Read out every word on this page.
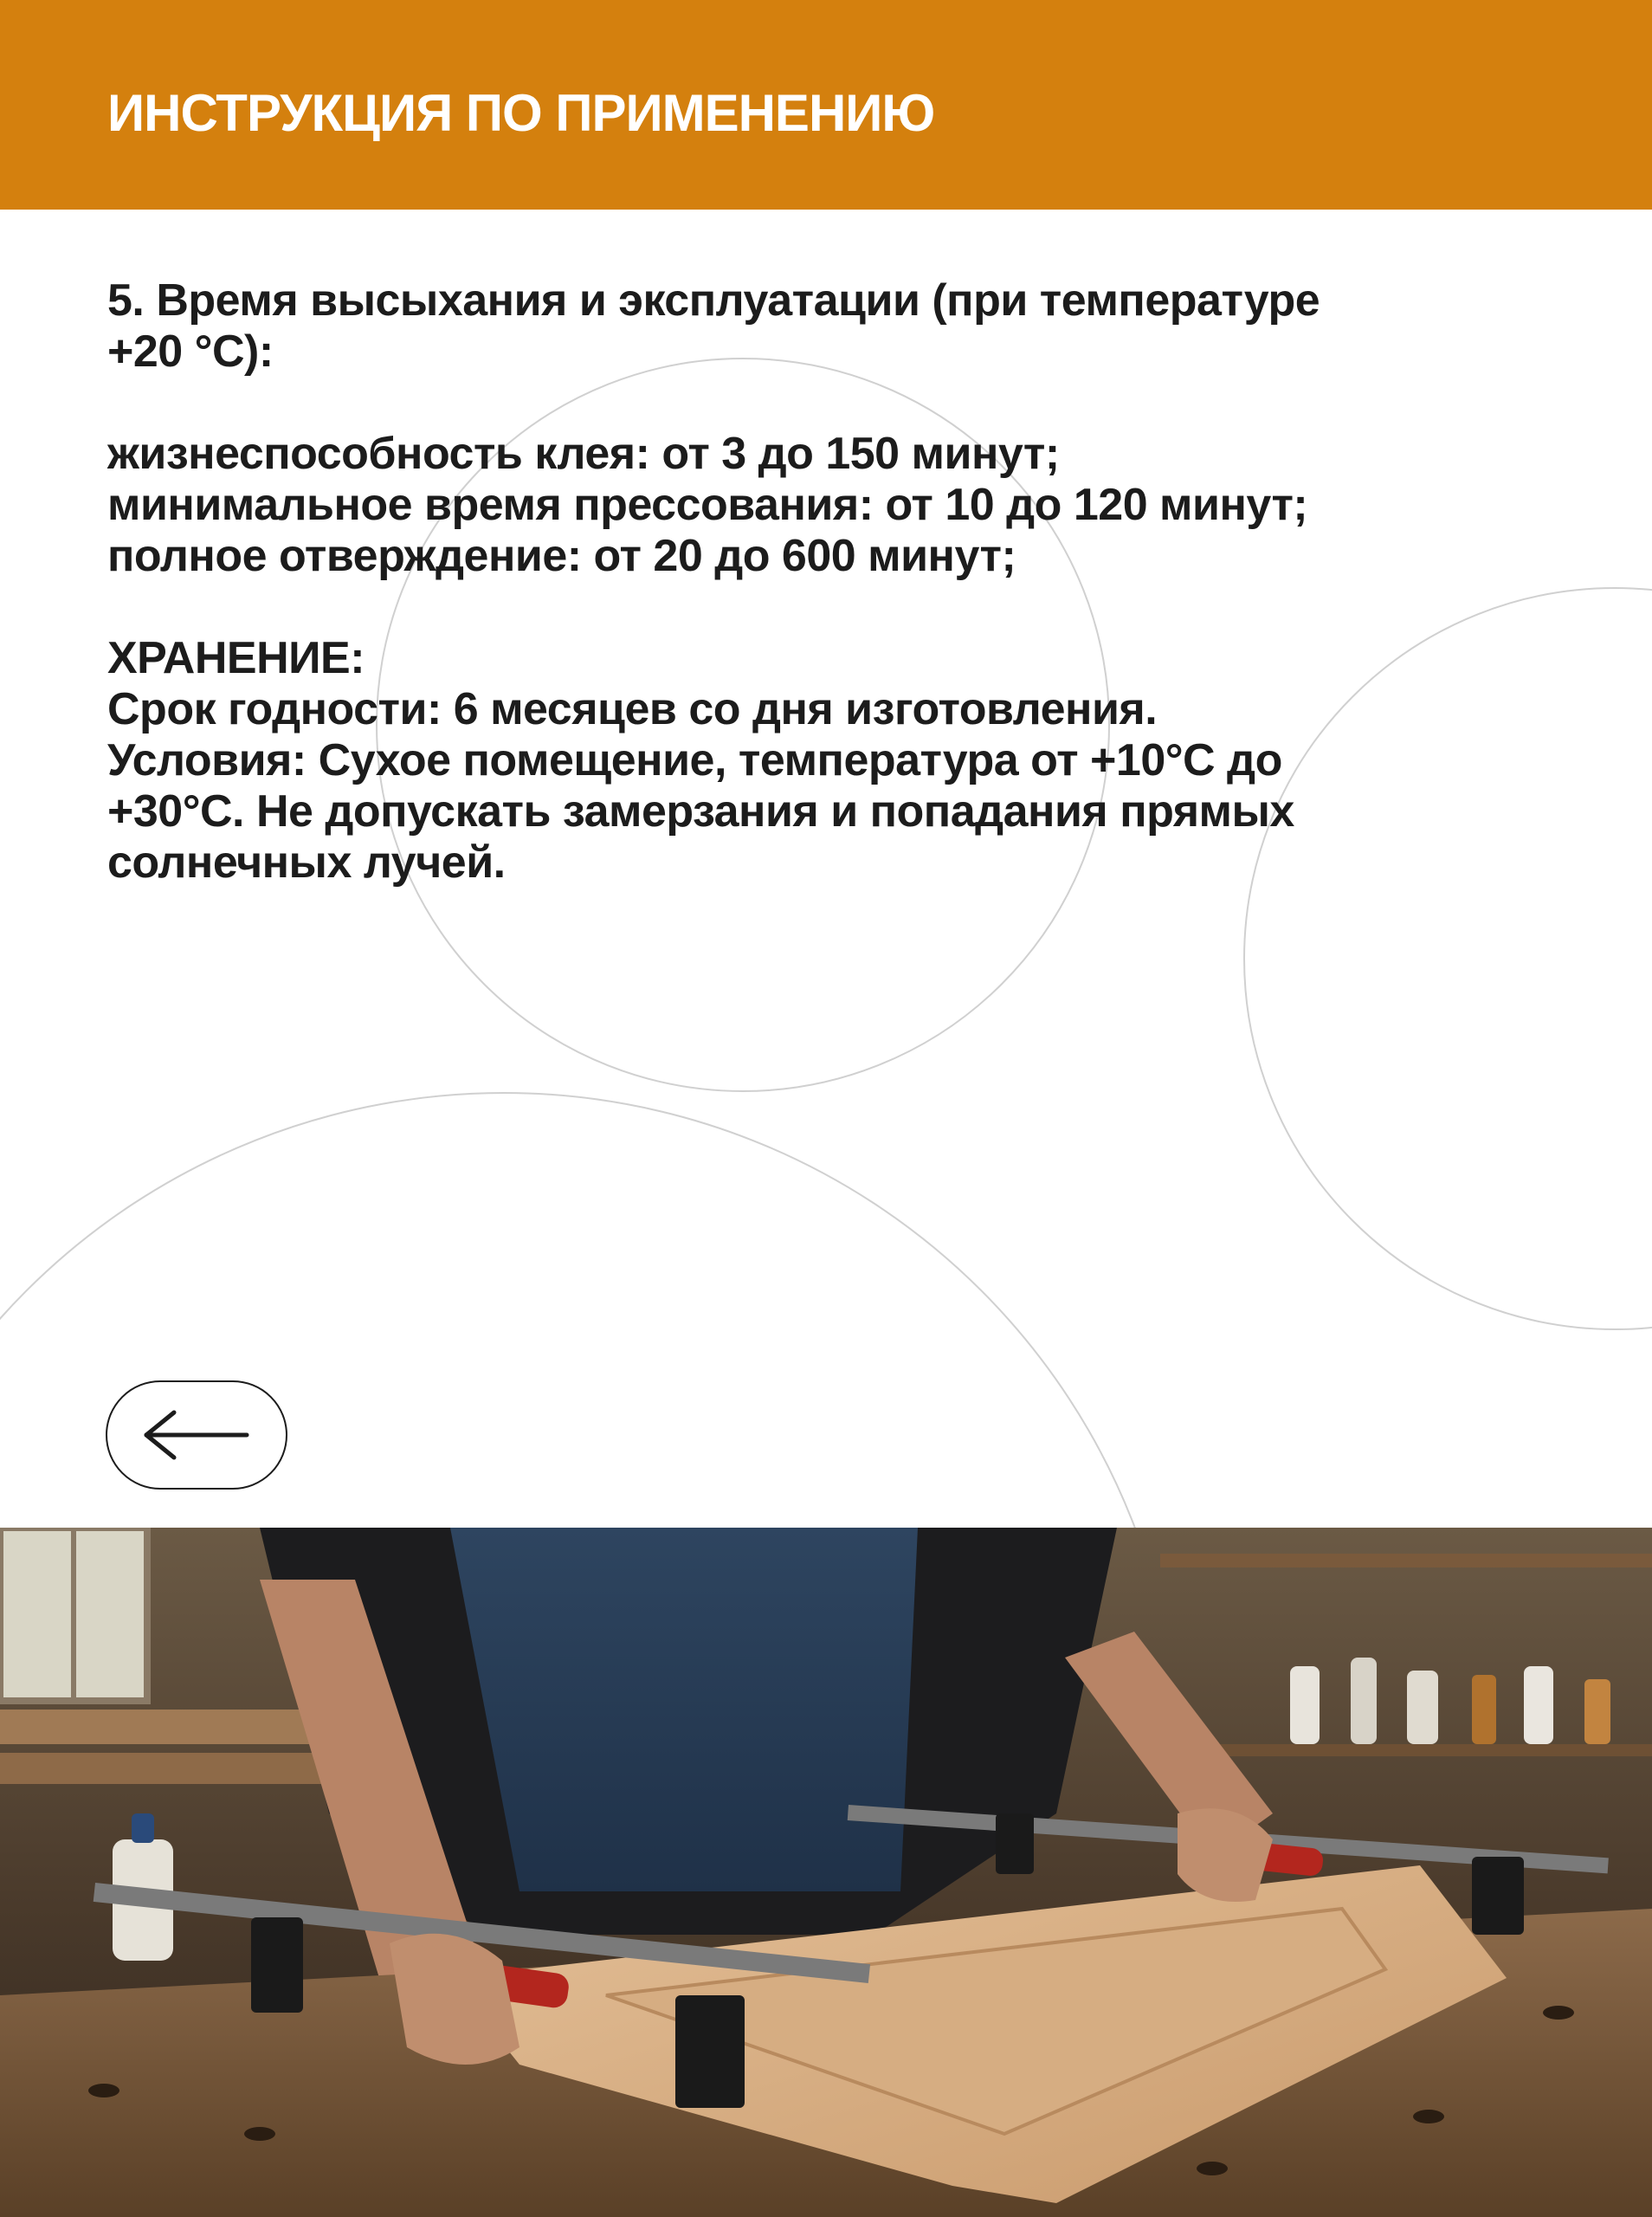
ИНСТРУКЦИЯ ПО ПРИМЕНЕНИЮ

5. Время высыхания и эксплуатации (при температуре

+20 °C):

жизнеспособность клея: от 3 до 150 минут;

минимальное время прессования: от 10 до 120 минут;

полное отверждение: от 20 до 600 минут;

ХРАНЕНИЕ:

Срок годности: 6 месяцев со дня изготовления.

Условия: Сухое помещение, температура от +10°C до

+30°C. Не допускать замерзания и попадания прямых

солнечных лучей.
